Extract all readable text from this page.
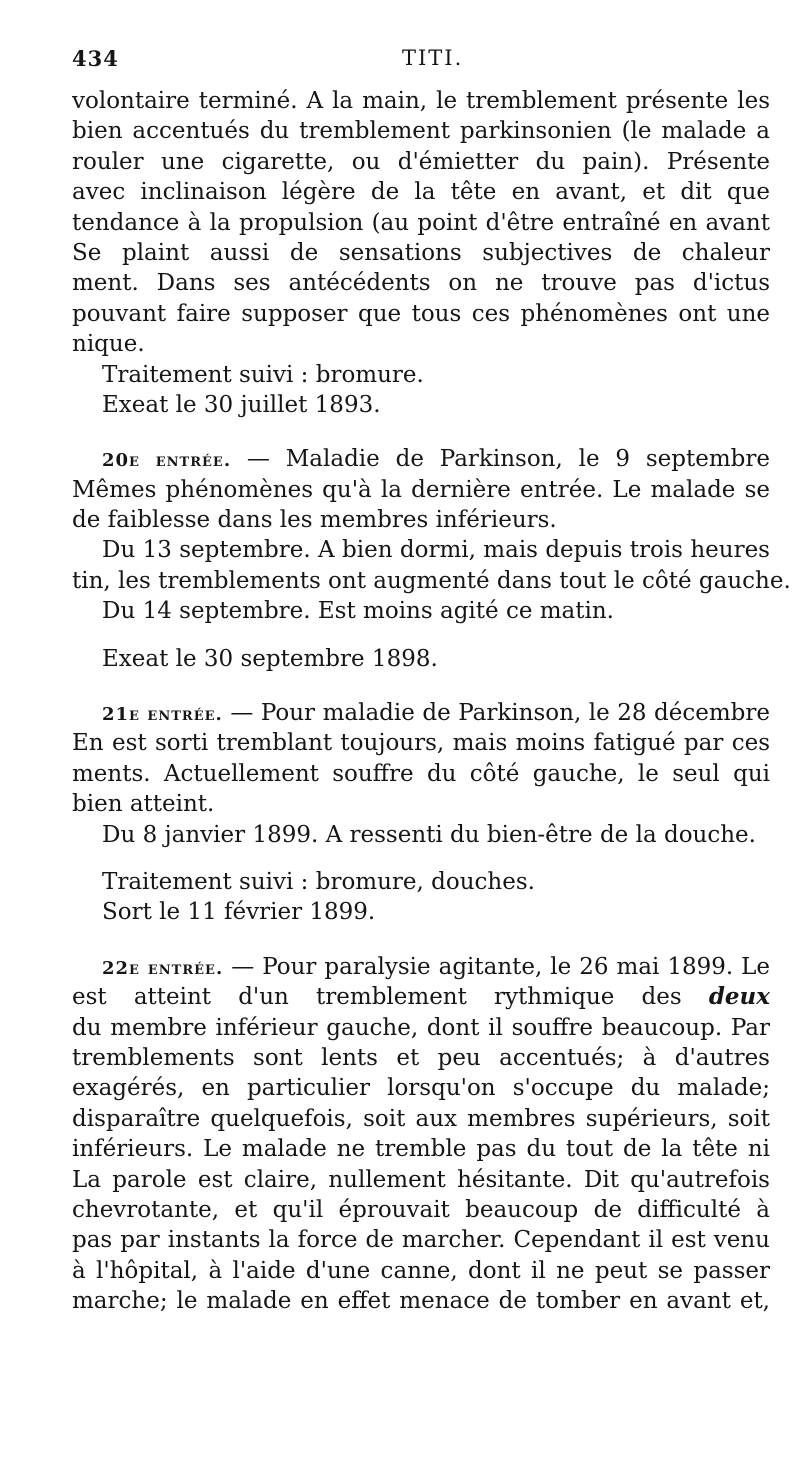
434	TITI.
volontaire terminé. A la main, le tremblement présente les
bien accentués du tremblement parkinsonien (le malade a
rouler une cigarette, ou d'émietter du pain). Présente
avec inclinaison légère de la tête en avant, et dit que
tendance à la propulsion (au point d'être entraîné en avant
Se plaint aussi de sensations subjectives de chaleur
ment. Dans ses antécédents on ne trouve pas d'ictus
pouvant faire supposer que tous ces phénomènes ont une
nique.
Traitement suivi : bromure.
Exeat le 30 juillet 1893.
20e entrée. — Maladie de Parkinson, le 9 septembre
Mêmes phénomènes qu'à la dernière entrée. Le malade se
de faiblesse dans les membres inférieurs.
Du 13 septembre. A bien dormi, mais depuis trois heures
tin, les tremblements ont augmenté dans tout le côté gauche.
Du 14 septembre. Est moins agité ce matin.
Exeat le 30 septembre 1898.
21e entrée. — Pour maladie de Parkinson, le 28 décembre
En est sorti tremblant toujours, mais moins fatigué par ces
ments. Actuellement souffre du côté gauche, le seul qui
bien atteint.
Du 8 janvier 1899. A ressenti du bien-être de la douche.
Traitement suivi : bromure, douches.
Sort le 11 février 1899.
22e entrée. — Pour paralysie agitante, le 26 mai 1899. Le
est atteint d'un tremblement rythmique des deux
du membre inférieur gauche, dont il souffre beaucoup. Par
tremblements sont lents et peu accentués; à d'autres
exagérés, en particulier lorsqu'on s'occupe du malade;
disparaître quelquefois, soit aux membres supérieurs, soit
inférieurs. Le malade ne tremble pas du tout de la tête ni
La parole est claire, nullement hésitante. Dit qu'autrefois
chevrotante, et qu'il éprouvait beaucoup de difficulté à
pas par instants la force de marcher. Cependant il est venu
à l'hôpital, à l'aide d'une canne, dont il ne peut se passer
marche; le malade en effet menace de tomber en avant et,
